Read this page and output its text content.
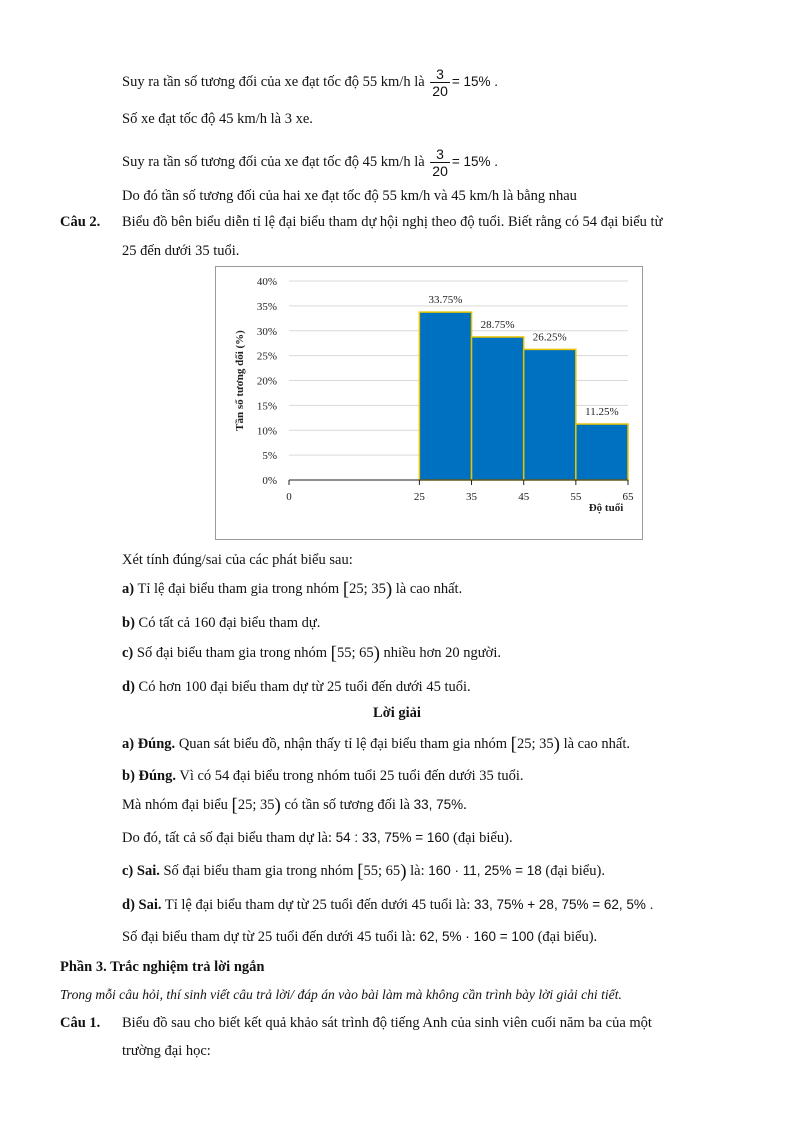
Suy ra tần số tương đối của xe đạt tốc độ 55 km/h là $\frac{3}{20} = 15\%$ .
Số xe đạt tốc độ 45 km/h là 3 xe.
Suy ra tần số tương đối của xe đạt tốc độ 45 km/h là $\frac{3}{20} = 15\%$ .
Do đó tần số tương đối của hai xe đạt tốc độ 55 km/h và 45 km/h là bằng nhau
Câu 2. Biểu đồ bên biểu diễn tỉ lệ đại biểu tham dự hội nghị theo độ tuổi. Biết rằng có 54 đại biểu từ
25 đến dưới 35 tuổi.
0%
5%
10%
15%
20%
25%
30%
35%
40%
33.75%
28.75%
26.25%
11.25%
0	25	35	45	55	65
Độ tuổi
Tần số tương đối (%)
Xét tính đúng/sai của các phát biểu sau:
a) Tỉ lệ đại biểu tham gia trong nhóm [25; 35) là cao nhất.
b) Có tất cả 160 đại biểu tham dự.
c) Số đại biểu tham gia trong nhóm [55; 65) nhiều hơn 20 người.
d) Có hơn 100 đại biểu tham dự từ 25 tuổi đến dưới 45 tuổi.
Lời giải
a) Đúng. Quan sát biểu đồ, nhận thấy tỉ lệ đại biểu tham gia nhóm [25; 35) là cao nhất.
b) Đúng. Vì có 54 đại biểu trong nhóm tuổi 25 tuổi đến dưới 35 tuổi.
Mà nhóm đại biểu [25; 35) có tần số tương đối là 33, 75%.
Do đó, tất cả số đại biểu tham dự là: 54 : 33, 75% = 160 (đại biểu).
c) Sai. Số đại biểu tham gia trong nhóm [55; 65) là: 160 · 11, 25% = 18 (đại biểu).
d) Sai. Tỉ lệ đại biểu tham dự từ 25 tuổi đến dưới 45 tuổi là: 33, 75% + 28, 75% = 62, 5% .
Số đại biểu tham dự từ 25 tuổi đến dưới 45 tuổi là: 62, 5% · 160 = 100 (đại biểu).
Phần 3. Trắc nghiệm trả lời ngắn
Trong mỗi câu hỏi, thí sinh viết câu trả lời/ đáp án vào bài làm mà không cần trình bày lời giải chi tiết.
Câu 1. Biểu đồ sau cho biết kết quả khảo sát trình độ tiếng Anh của sinh viên cuối năm ba của một
trường đại học:
